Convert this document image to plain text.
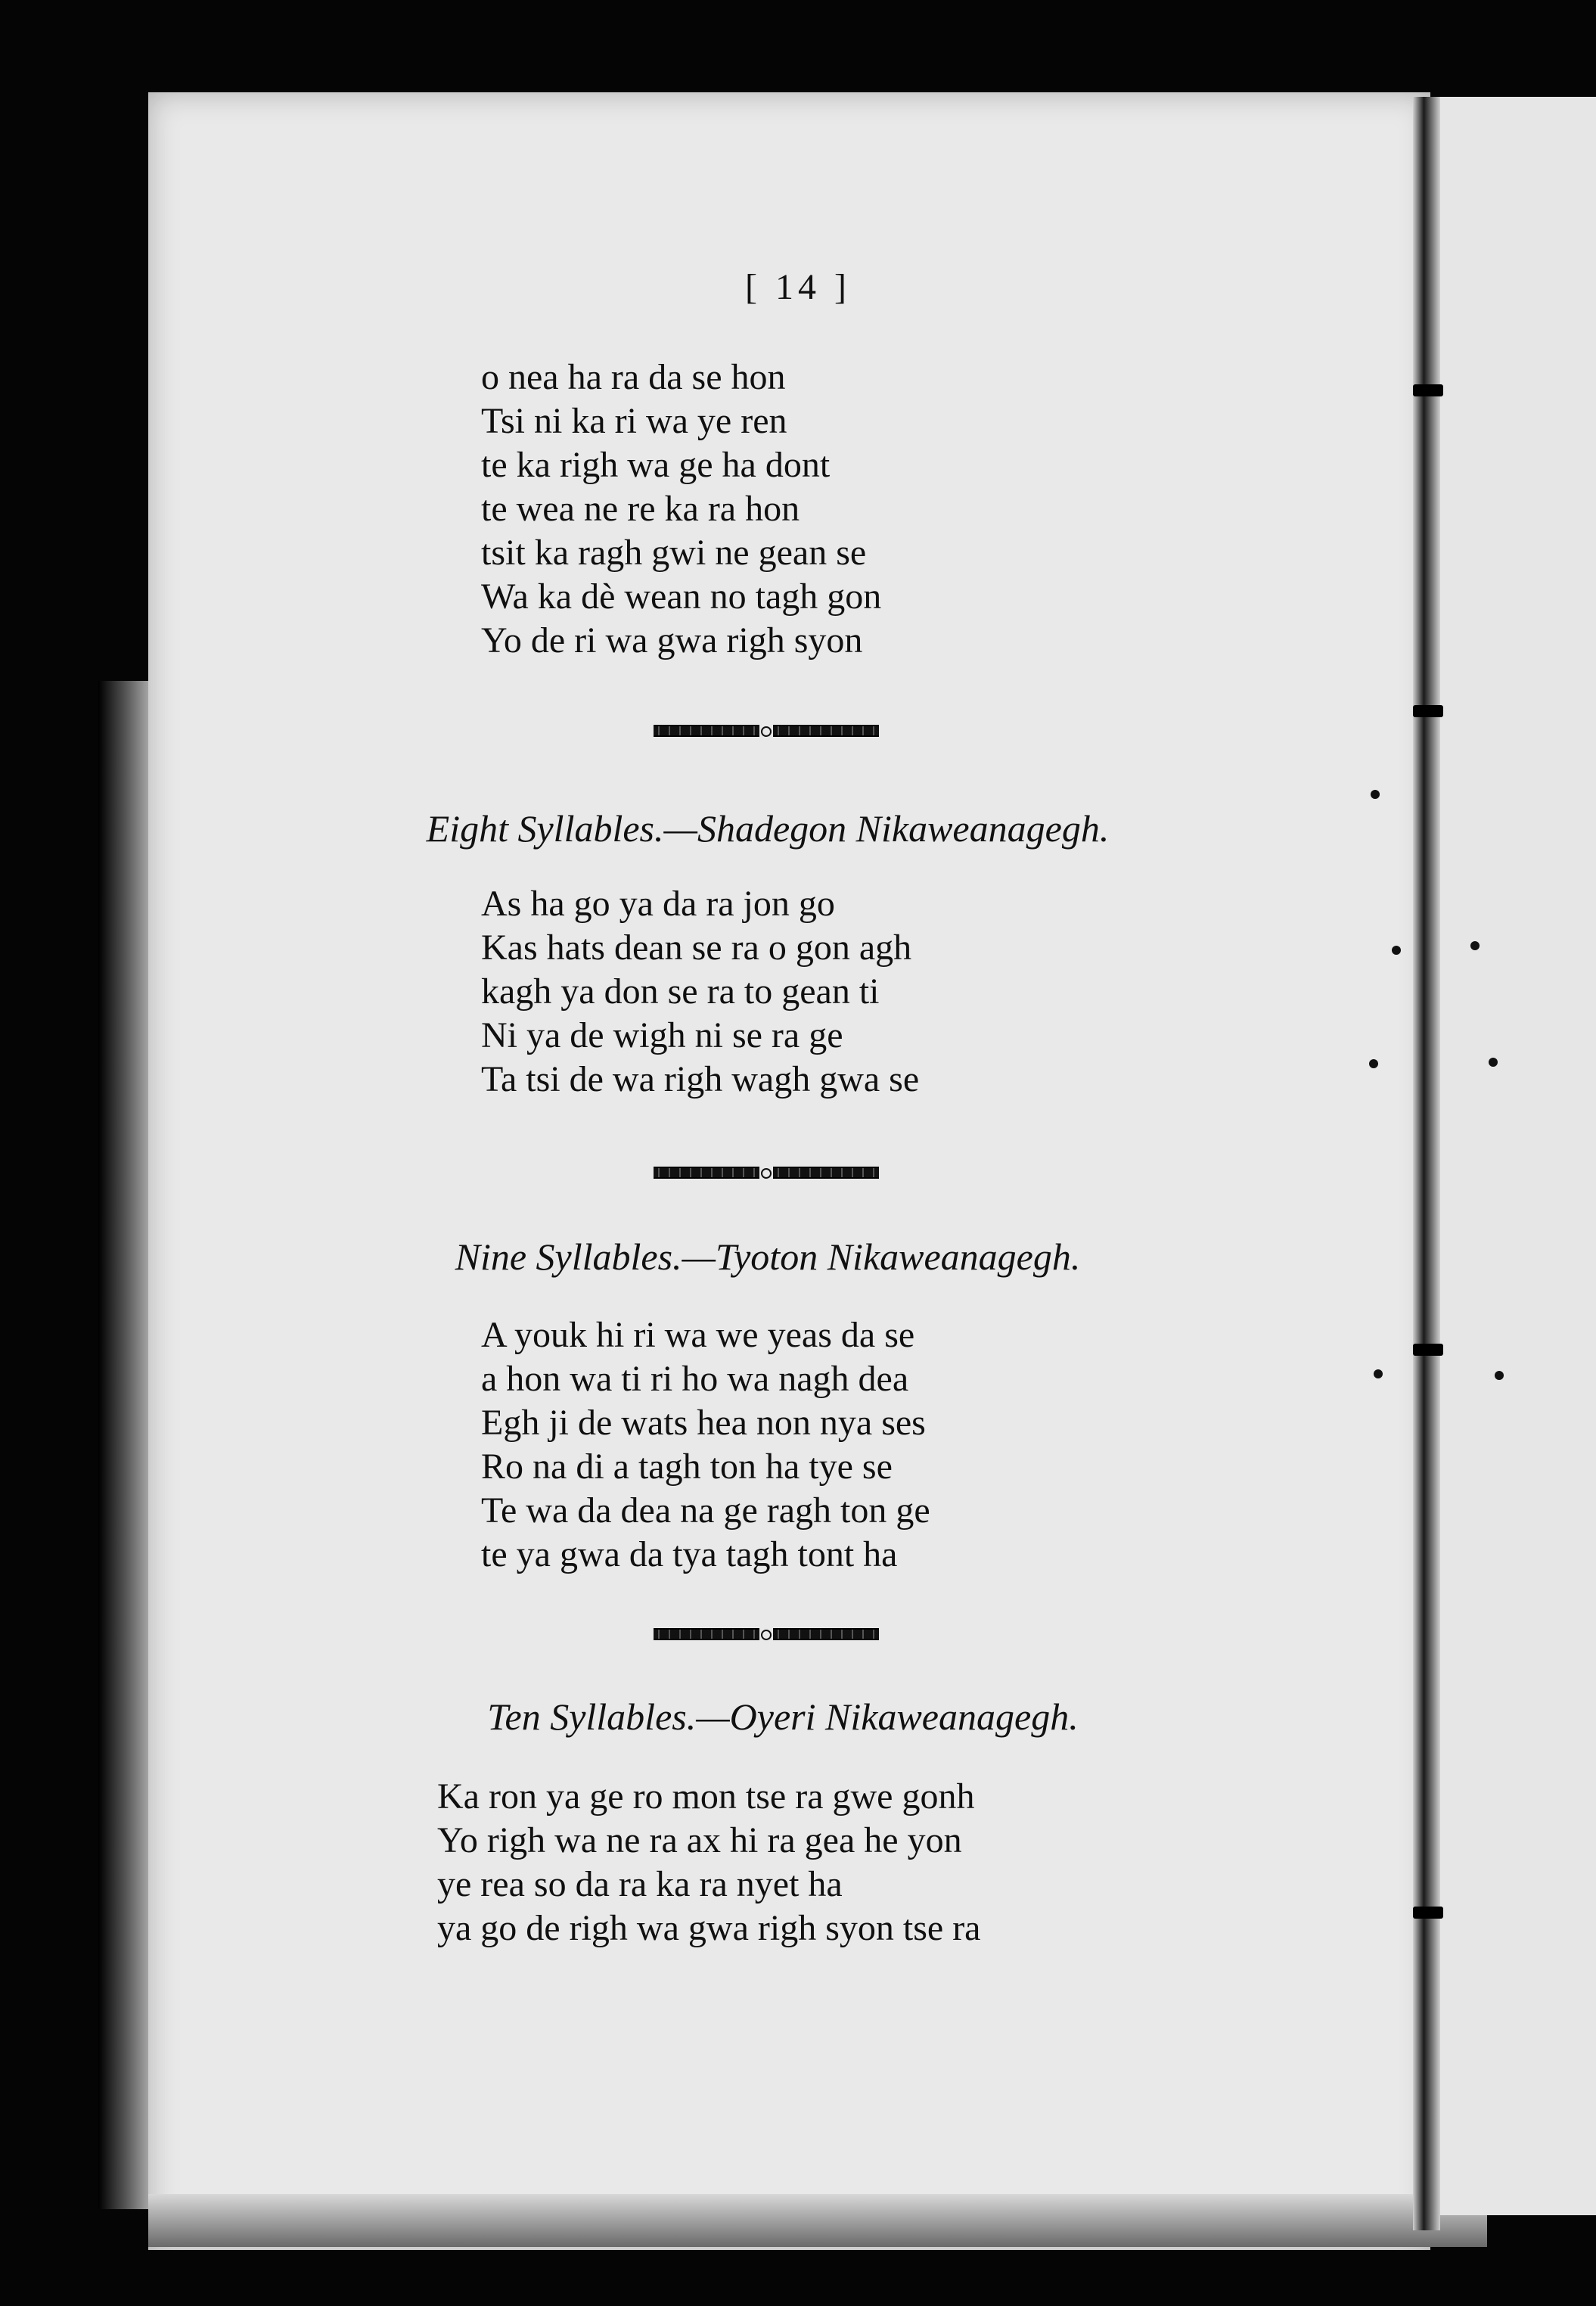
[ 14 ]
o nea ha ra da se hon
Tsi ni ka ri wa ye ren
te ka righ wa ge ha dont
te wea ne re ka ra hon
tsit ka ragh gwi ne gean se
Wa ka dè wean no tagh gon
Yo de ri wa gwa righ syon
Eight Syllables.—Shadegon Nikaweanagegh.
As ha go ya da ra jon go
Kas hats dean se ra o gon agh
kagh ya don se ra to gean ti
Ni ya de wigh ni se ra ge
Ta tsi de wa righ wagh gwa se
Nine Syllables.—Tyoton Nikaweanagegh.
A youk hi ri wa we yeas da se
a hon wa ti ri ho wa nagh dea
Egh ji de wats hea non nya ses
Ro na di a tagh ton ha tye se
Te wa da dea na ge ragh ton ge
te ya gwa da tya tagh tont ha
Ten Syllables.—Oyeri Nikaweanagegh.
Ka ron ya ge ro mon tse ra gwe gonh
Yo righ wa ne ra ax hi ra gea he yon
ye rea so da ra ka ra nyet ha
ya go de righ wa gwa righ syon tse ra
